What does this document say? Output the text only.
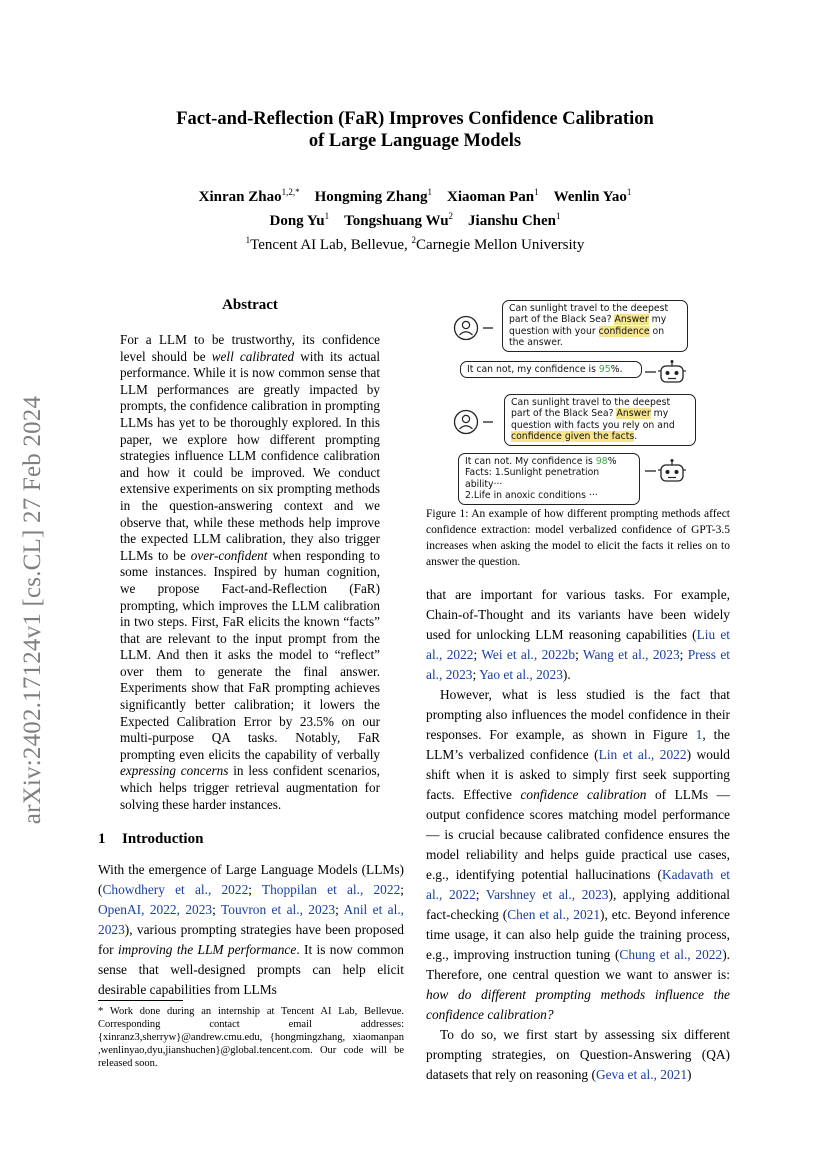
Fact-and-Reflection (FaR) Improves Confidence Calibration
of Large Language Models
Xinran Zhao$^{1,2,*}$ Hongming Zhang$^1$ Xiaoman Pan$^1$ Wenlin Yao$^1$
Dong Yu$^1$ Tongshuang Wu$^2$ Jianshu Chen$^1$
$^1$Tencent AI Lab, Bellevue, $^2$Carnegie Mellon University
arXiv:2402.17124v1 [cs.CL] 27 Feb 2024
Abstract
For a LLM to be trustworthy, its confidence level should be well calibrated with its actual performance. While it is now common sense that LLM performances are greatly impacted by prompts, the confidence calibration in prompting LLMs has yet to be thoroughly explored. In this paper, we explore how different prompting strategies influence LLM confidence calibration and how it could be improved. We conduct extensive experiments on six prompting methods in the question-answering context and we observe that, while these methods help improve the expected LLM calibration, they also trigger LLMs to be over-confident when responding to some instances. Inspired by human cognition, we propose Fact-and-Reflection (FaR) prompting, which improves the LLM calibration in two steps. First, FaR elicits the known “facts” that are relevant to the input prompt from the LLM. And then it asks the model to “reflect” over them to generate the final answer. Experiments show that FaR prompting achieves significantly better calibration; it lowers the Expected Calibration Error by 23.5% on our multi-purpose QA tasks. Notably, FaR prompting even elicits the capability of verbally expressing concerns in less confident scenarios, which helps trigger retrieval augmentation for solving these harder instances.
1 Introduction
With the emergence of Large Language Models (LLMs) (Chowdhery et al., 2022; Thoppilan et al., 2022; OpenAI, 2022, 2023; Touvron et al., 2023; Anil et al., 2023), various prompting strategies have been proposed for improving the LLM performance. It is now common sense that well-designed prompts can help elicit desirable capabilities from LLMs
* Work done during an internship at Tencent AI Lab, Bellevue. Corresponding contact email addresses: {xinranz3,sherryw}@andrew.cmu.edu, {hongmingzhang, xiaomanpan ,wenlinyao,dyu,jianshuchen}@global.tencent.com. Our code will be released soon.
Can sunlight travel to the deepest part of the Black Sea? Answer my question with your confidence on the answer.
It can not, my confidence is 95%.
Can sunlight travel to the deepest part of the Black Sea? Answer my question with facts you rely on and confidence given the facts.
It can not. My confidence is 98%
Facts: 1.Sunlight penetration ability···
2.Life in anoxic conditions ···
Figure 1: An example of how different prompting methods affect confidence extraction: model verbalized confidence of GPT-3.5 increases when asking the model to elicit the facts it relies on to answer the question.

that are important for various tasks. For example, Chain-of-Thought and its variants have been widely used for unlocking LLM reasoning capabilities (Liu et al., 2022; Wei et al., 2022b; Wang et al., 2023; Press et al., 2023; Yao et al., 2023).

However, what is less studied is the fact that prompting also influences the model confidence in their responses. For example, as shown in Figure 1, the LLM’s verbalized confidence (Lin et al., 2022) would shift when it is asked to simply first seek supporting facts. Effective confidence calibration of LLMs — output confidence scores matching model performance — is crucial because calibrated confidence ensures the model reliability and helps guide practical use cases, e.g., identifying potential hallucinations (Kadavath et al., 2022; Varshney et al., 2023), applying additional fact-checking (Chen et al., 2021), etc. Beyond inference time usage, it can also help guide the training process, e.g., improving instruction tuning (Chung et al., 2022). Therefore, one central question we want to answer is: how do different prompting methods influence the confidence calibration?

To do so, we first start by assessing six different prompting strategies, on Question-Answering (QA) datasets that rely on reasoning (Geva et al., 2021)
